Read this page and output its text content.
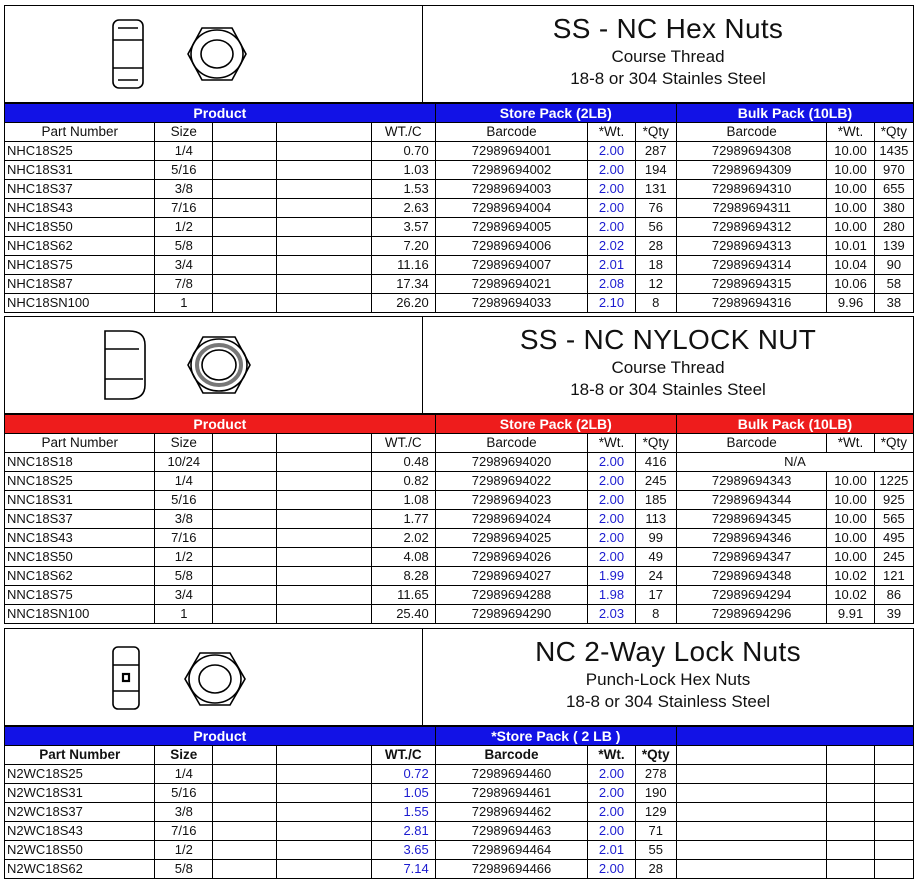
SS - NC Hex Nuts
Course Thread
18-8 or 304 Stainles Steel
Product					Store Pack (2LB)			Bulk Pack (10LB)		
Part Number	Size			WT./C	Barcode	*Wt.	*Qty	Barcode	*Wt.	*Qty
NHC18S25	1/4			0.70	72989694001	2.00	287	72989694308	10.00	1435
NHC18S31	5/16			1.03	72989694002	2.00	194	72989694309	10.00	970
NHC18S37	3/8			1.53	72989694003	2.00	131	72989694310	10.00	655
NHC18S43	7/16			2.63	72989694004	2.00	76	72989694311	10.00	380
NHC18S50	1/2			3.57	72989694005	2.00	56	72989694312	10.00	280
NHC18S62	5/8			7.20	72989694006	2.02	28	72989694313	10.01	139
NHC18S75	3/4			11.16	72989694007	2.01	18	72989694314	10.04	90
NHC18S87	7/8			17.34	72989694021	2.08	12	72989694315	10.06	58
NHC18SN100	1			26.20	72989694033	2.10	8	72989694316	9.96	38
SS - NC NYLOCK NUT
Course Thread
18-8 or 304 Stainles Steel
Product					Store Pack (2LB)			Bulk Pack (10LB)		
Part Number	Size			WT./C	Barcode	*Wt.	*Qty	Barcode	*Wt.	*Qty
NNC18S18	10/24			0.48	72989694020	2.00	416	N/A		
NNC18S25	1/4			0.82	72989694022	2.00	245	72989694343	10.00	1225
NNC18S31	5/16			1.08	72989694023	2.00	185	72989694344	10.00	925
NNC18S37	3/8			1.77	72989694024	2.00	113	72989694345	10.00	565
NNC18S43	7/16			2.02	72989694025	2.00	99	72989694346	10.00	495
NNC18S50	1/2			4.08	72989694026	2.00	49	72989694347	10.00	245
NNC18S62	5/8			8.28	72989694027	1.99	24	72989694348	10.02	121
NNC18S75	3/4			11.65	72989694288	1.98	17	72989694294	10.02	86
NNC18SN100	1			25.40	72989694290	2.03	8	72989694296	9.91	39
NC 2-Way Lock Nuts
Punch-Lock Hex Nuts
18-8 or 304 Stainless Steel
Product					*Store Pack ( 2 LB )					
Part Number	Size			WT./C	Barcode	*Wt.	*Qty			
N2WC18S25	1/4			0.72	72989694460	2.00	278			
N2WC18S31	5/16			1.05	72989694461	2.00	190			
N2WC18S37	3/8			1.55	72989694462	2.00	129			
N2WC18S43	7/16			2.81	72989694463	2.00	71			
N2WC18S50	1/2			3.65	72989694464	2.01	55			
N2WC18S62	5/8			7.14	72989694466	2.00	28			
